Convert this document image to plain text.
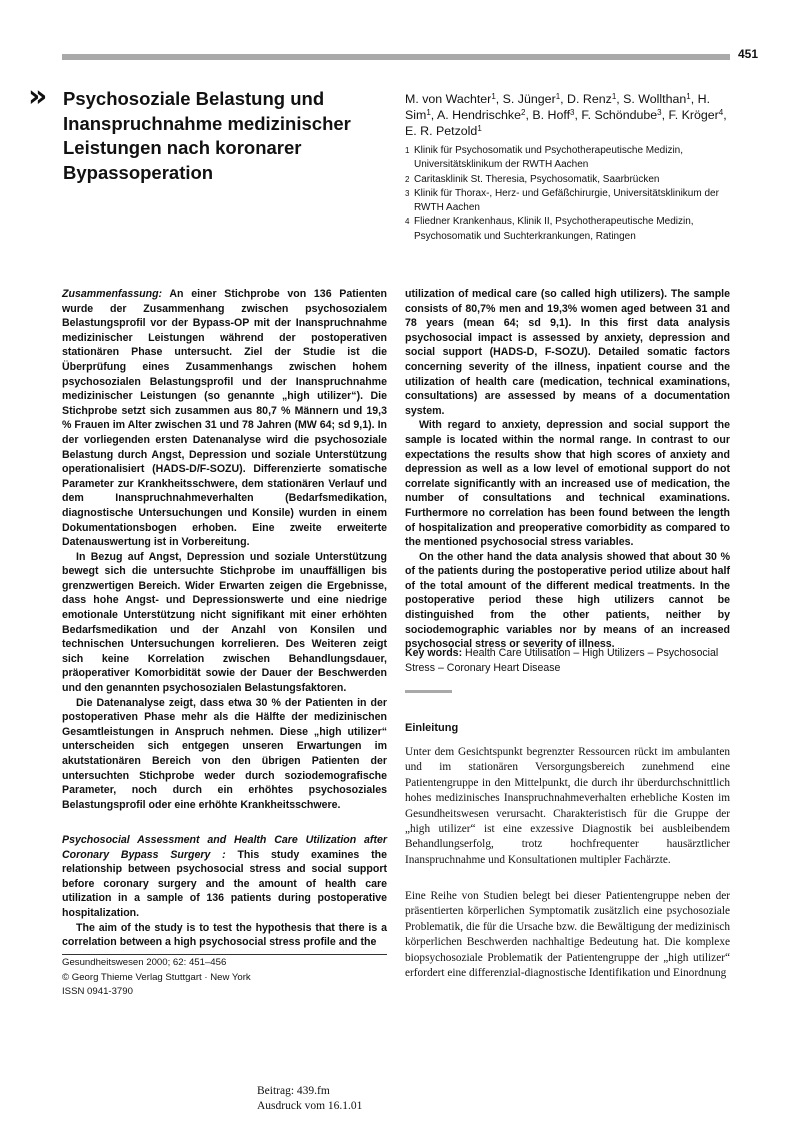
451
» Psychosoziale Belastung und Inanspruchnahme medizinischer Leistungen nach koronarer Bypassoperation
M. von Wachter$^1$, S. Jünger$^1$, D. Renz$^1$, S. Wollthan$^1$, H. Sim$^1$, A. Hendrischke$^2$, B. Hoff$^3$, F. Schöndube$^3$, F. Kröger$^4$, E. R. Petzold$^1$
1 Klinik für Psychosomatik und Psychotherapeutische Medizin, Universitätsklinikum der RWTH Aachen
2 Caritasklinik St. Theresia, Psychosomatik, Saarbrücken
3 Klinik für Thorax-, Herz- und Gefäßchirurgie, Universitätsklinikum der RWTH Aachen
4 Fliedner Krankenhaus, Klinik II, Psychotherapeutische Medizin, Psychosomatik und Suchterkrankungen, Ratingen

Zusammenfassung: An einer Stichprobe von 136 Patienten wurde der Zusammenhang zwischen psychosozialem Belastungsprofil vor der Bypass-OP mit der Inanspruchnahme medizinischer Leistungen während der postoperativen stationären Phase untersucht. Ziel der Studie ist die Überprüfung eines Zusammenhangs zwischen hohem psychosozialen Belastungsprofil und der Inanspruchnahme medizinischer Leistungen (so genannte „high utilizer“). Die Stichprobe setzt sich zusammen aus 80,7 % Männern und 19,3 % Frauen im Alter zwischen 31 und 78 Jahren (MW 64; sd 9,1). In der vorliegenden ersten Datenanalyse wird die psychosoziale Belastung durch Angst, Depression und soziale Unterstützung operationalisiert (HADS-D/F-SOZU). Differenzierte somatische Parameter zur Krankheitsschwere, dem stationären Verlauf und dem Inanspruchnahmeverhalten (Bedarfsmedikation, diagnostische Untersuchungen und Konsile) wurden in einem Dokumentationsbogen erhoben. Eine zweite erweiterte Datenauswertung ist in Vorbereitung.

In Bezug auf Angst, Depression und soziale Unterstützung bewegt sich die untersuchte Stichprobe im unauffälligen bis grenzwertigen Bereich. Wider Erwarten zeigen die Ergebnisse, dass hohe Angst- und Depressionswerte und eine niedrige emotionale Unterstützung nicht signifikant mit einer erhöhten Bedarfsmedikation und der Anzahl von Konsilen und technischen Untersuchungen korrelieren. Des Weiteren zeigt sich keine Korrelation zwischen Behandlungsdauer, präoperativer Komorbidität sowie der Dauer der Beschwerden und den genannten psychosozialen Belastungsfaktoren.

Die Datenanalyse zeigt, dass etwa 30 % der Patienten in der postoperativen Phase mehr als die Hälfte der medizinischen Gesamtleistungen in Anspruch nehmen. Diese „high utilizer“ unterscheiden sich entgegen unseren Erwartungen im akutstationären Bereich von den übrigen Patienten der untersuchten Stichprobe weder durch soziodemografische Parameter, noch durch ein erhöhtes psychosoziales Belastungsprofil oder eine erhöhte Krankheitsschwere.

Psychosocial Assessment and Health Care Utilization after Coronary Bypass Surgery : This study examines the relationship between psychosocial stress and social support before coronary surgery and the amount of health care utilization in a sample of 136 patients during postoperative hospitalization.

The aim of the study is to test the hypothesis that there is a correlation between a high psychosocial stress profile and the

utilization of medical care (so called high utilizers). The sample consists of 80,7% men and 19,3% women aged between 31 and 78 years (mean 64; sd 9,1). In this first data analysis psychosocial impact is assessed by anxiety, depression and social support (HADS-D, F-SOZU). Detailed somatic factors concerning severity of the illness, inpatient course and the utilization of health care (medication, technical examinations, consultations) are assessed by means of a documentation system.

With regard to anxiety, depression and social support the sample is located within the normal range. In contrast to our expectations the results show that high scores of anxiety and depression as well as a low level of emotional support do not correlate significantly with an increased use of medication, the number of consultations and technical examinations. Furthermore no correlation has been found between the length of hospitalization and preoperative comorbidity as compared to the mentioned psychosocial stress variables.

On the other hand the data analysis showed that about 30 % of the patients during the postoperative period utilize about half of the total amount of the different medical treatments. In the postoperative period these high utilizers cannot be distinguished from the other patients, neither by sociodemographic variables nor by means of an increased psychosocial stress or severity of illness.

Key words: Health Care Utilisation – High Utilizers – Psychosocial Stress – Coronary Heart Disease
Einleitung
Unter dem Gesichtspunkt begrenzter Ressourcen rückt im ambulanten und im stationären Versorgungsbereich zunehmend eine Patientengruppe in den Mittelpunkt, die durch ihr überdurchschnittlich hohes medizinisches Inanspruchnahmeverhalten erhebliche Kosten im Gesundheitswesen verursacht. Charakteristisch für die Gruppe der „high utilizer“ ist eine exzessive Diagnostik bei ausbleibendem Behandlungserfolg, trotz hochfrequenter hausärztlicher Inanspruchnahme und Konsultationen multipler Fachärzte.
Eine Reihe von Studien belegt bei dieser Patientengruppe neben der präsentierten körperlichen Symptomatik zusätzlich eine psychosoziale Problematik, die für die Ursache bzw. die Bewältigung der medizinisch körperlichen Beschwerden nachhaltige Bedeutung hat. Die komplexe biopsychosoziale Problematik der Patientengruppe der „high utilizer“ erfordert eine differenzial-diagnostische Identifikation und Einordnung
Gesundheitswesen 2000; 62: 451–456
© Georg Thieme Verlag Stuttgart · New York
ISSN 0941-3790
Beitrag: 439.fm
Ausdruck vom 16.1.01
